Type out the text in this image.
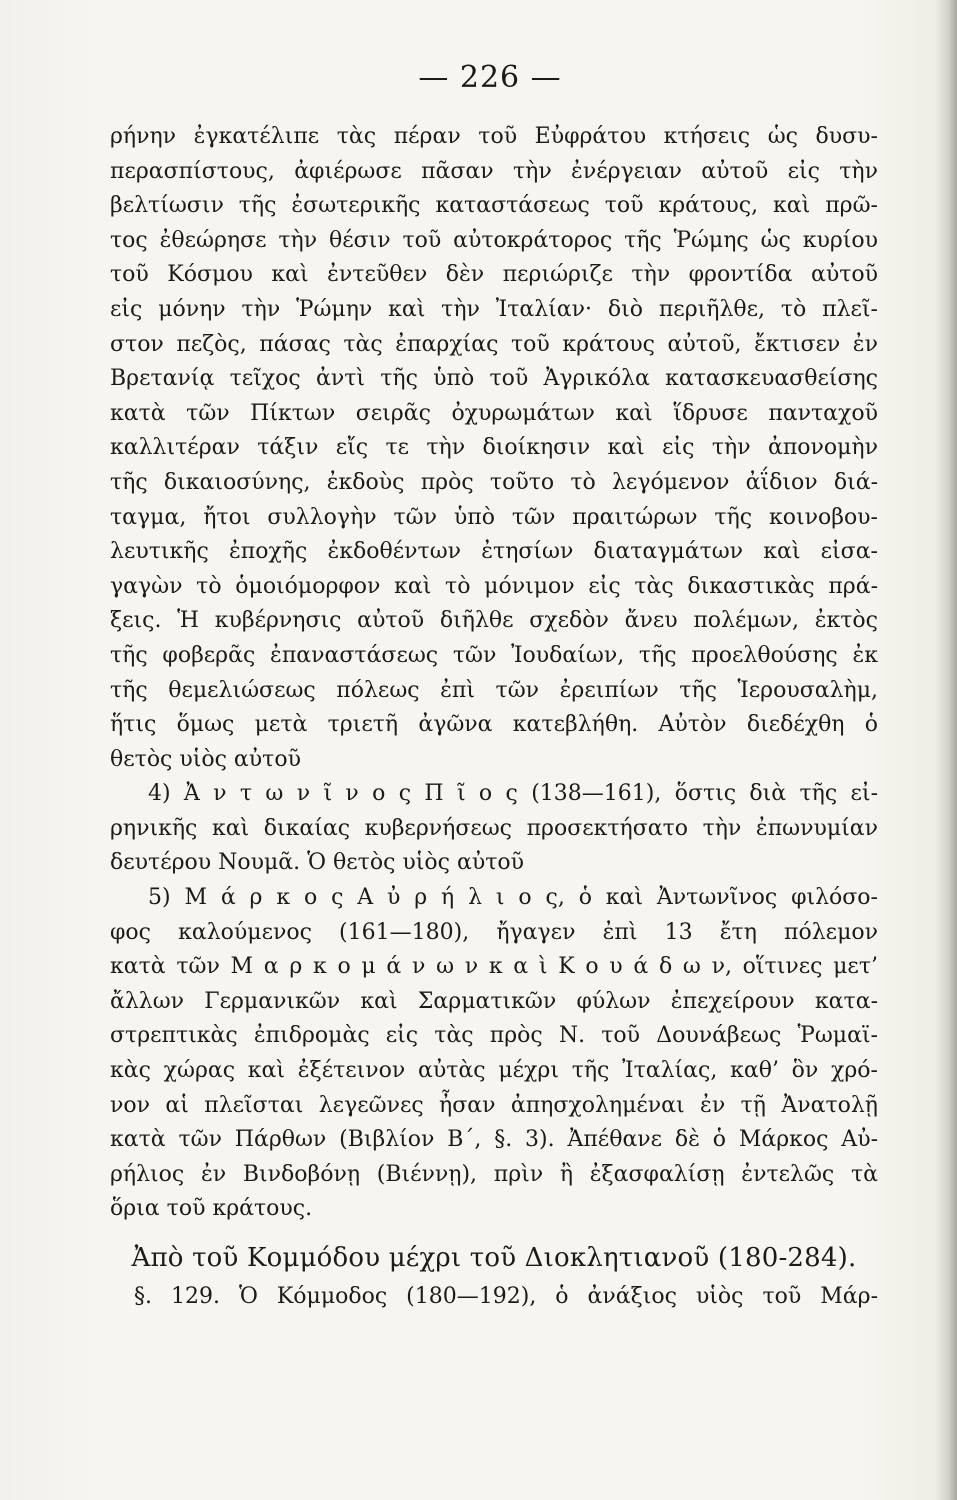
— 226 —
ρήνην ἐγκατέλιπε τὰς πέραν τοῦ Εὐφράτου κτήσεις ὡς δυσυ-
περασπίστους, ἀφιέρωσε πᾶσαν τὴν ἐνέργειαν αὐτοῦ εἰς τὴν
βελτίωσιν τῆς ἐσωτερικῆς καταστάσεως τοῦ κράτους, καὶ πρῶ-
τος ἐθεώρησε τὴν θέσιν τοῦ αὐτοκράτορος τῆς Ῥώμης ὡς κυρίου
τοῦ Κόσμου καὶ ἐντεῦθεν δὲν περιώριζε τὴν φροντίδα αὐτοῦ
εἰς μόνην τὴν Ῥώμην καὶ τὴν Ἰταλίαν· διὸ περιῆλθε, τὸ πλεῖ-
στον πεζὸς, πάσας τὰς ἐπαρχίας τοῦ κράτους αὐτοῦ, ἔκτισεν ἐν
Βρετανίᾳ τεῖχος ἀντὶ τῆς ὑπὸ τοῦ Ἀγρικόλα κατασκευασθείσης
κατὰ τῶν Πίκτων σειρᾶς ὀχυρωμάτων καὶ ἵδρυσε πανταχοῦ
καλλιτέραν τάξιν εἴς τε τὴν διοίκησιν καὶ εἰς τὴν ἀπονομὴν
τῆς δικαιοσύνης, ἐκδοὺς πρὸς τοῦτο τὸ λεγόμενον ἀΐδιον διά-
ταγμα, ἤτοι συλλογὴν τῶν ὑπὸ τῶν πραιτώρων τῆς κοινοβου-
λευτικῆς ἐποχῆς ἐκδοθέντων ἐτησίων διαταγμάτων καὶ εἰσα-
γαγὼν τὸ ὁμοιόμορφον καὶ τὸ μόνιμον εἰς τὰς δικαστικὰς πρά-
ξεις. Ἡ κυβέρνησις αὐτοῦ διῆλθε σχεδὸν ἄνευ πολέμων, ἐκτὸς
τῆς φοβερᾶς ἐπαναστάσεως τῶν Ἰουδαίων, τῆς προελθούσης ἐκ
τῆς θεμελιώσεως πόλεως ἐπὶ τῶν ἐρειπίων τῆς Ἱερουσαλὴμ,
ἥτις ὅμως μετὰ τριετῆ ἀγῶνα κατεβλήθη. Αὐτὸν διεδέχθη ὁ
θετὸς υἱὸς αὐτοῦ
4) Ἀ ν τ ω ν ῖ ν ο ς Π ῖ ο ς (138—161), ὅστις διὰ τῆς εἰ-
ρηνικῆς καὶ δικαίας κυβερνήσεως προσεκτήσατο τὴν ἐπωνυμίαν
δευτέρου Νουμᾶ. Ὁ θετὸς υἱὸς αὐτοῦ
5) Μ ά ρ κ ο ς Α ὐ ρ ή λ ι ο ς, ὁ καὶ Ἀντωνῖνος φιλόσο-
φος καλούμενος (161—180), ἤγαγεν ἐπὶ 13 ἔτη πόλεμον
κατὰ τῶν Μ α ρ κ ο μ ά ν ω ν κ α ὶ Κ ο υ ά δ ω ν, οἵτινες μετ’
ἄλλων Γερμανικῶν καὶ Σαρματικῶν φύλων ἐπεχείρουν κατα-
στρεπτικὰς ἐπιδρομὰς εἰς τὰς πρὸς Ν. τοῦ Δουνάβεως Ῥωμαϊ-
κὰς χώρας καὶ ἐξέτεινον αὐτὰς μέχρι τῆς Ἰταλίας, καθ’ ὃν χρό-
νον αἱ πλεῖσται λεγεῶνες ἦσαν ἀπησχολημέναι ἐν τῇ Ἀνατολῇ
κατὰ τῶν Πάρθων (Βιβλίον Β´, §. 3). Ἀπέθανε δὲ ὁ Μάρκος Αὐ-
ρήλιος ἐν Βινδοβόνῃ (Βιέννῃ), πρὶν ἢ ἐξασφαλίσῃ ἐντελῶς τὰ
ὅρια τοῦ κράτους.
Ἀπὸ τοῦ Κομμόδου μέχρι τοῦ Διοκλητιανοῦ (180-284).
§. 129. Ὁ Κόμμοδος (180—192), ὁ ἀνάξιος υἱὸς τοῦ Μάρ-
